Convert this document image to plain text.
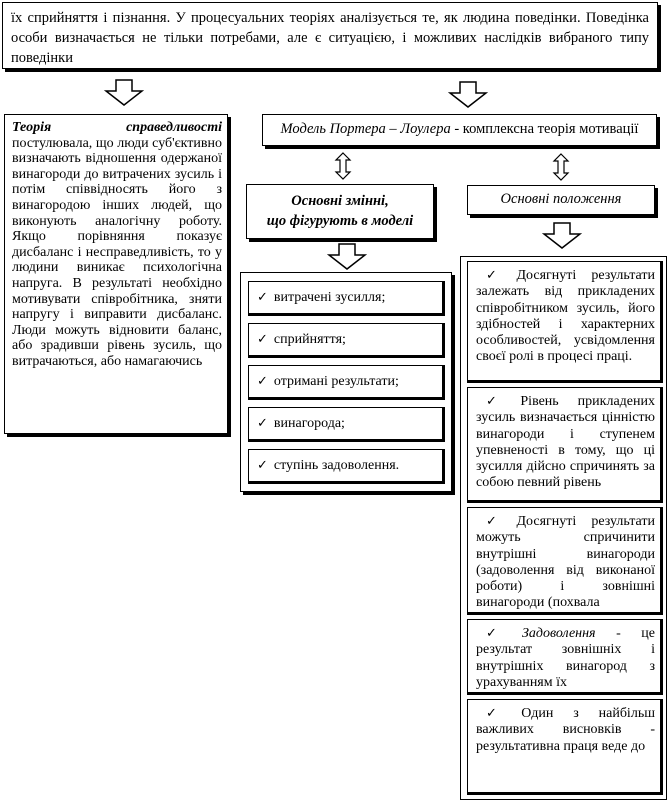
їх сприйняття і пізнання. У процесуальних теоріях аналізується те, як людина поведінки. Поведінка особи визначається не тільки потребами, але є ситуацією, і можливих наслідків вибраного типу поведінки
Теорія справедливості постулювала, що люди суб'єктивно визначають відношення одержаної винагороди до витрачених зусиль і потім співвідносять його з винагородою інших людей, що виконують аналогічну роботу. Якщо порівняння показує дисбаланс і несправедливість, то у людини виникає психологічна напруга. В результаті необхідно мотивувати співробітника, зняти напругу і виправити дисбаланс. Люди можуть відновити баланс, або зрадивши рівень зусиль, що витрачаються, або намагаючись
Модель Портера – Лоулера - комплексна теорія мотивації
Основні змінні,
що фігурують в моделі
Основні положення
✓ витрачені зусилля;
✓ сприйняття;
✓ отримані результати;
✓ винагорода;
✓ ступінь задоволення.
✓ Досягнуті результати залежать від прикладених співробітником зусиль, його здібностей і характерних особливостей, усвідомлення своєї ролі в процесі праці.
✓ Рівень прикладених зусиль визначається цінністю винагороди і ступенем упевненості в тому, що ці зусилля дійсно спричинять за собою певний рівень
✓ Досягнуті результати можуть спричинити внутрішні винагороди (задоволення від виконаної роботи) і зовнішні винагороди (похвала
✓ Задоволення - це результат зовнішніх і внутрішніх винагород з урахуванням їх
✓ Один з найбільш важливих висновків - результативна праця веде до
